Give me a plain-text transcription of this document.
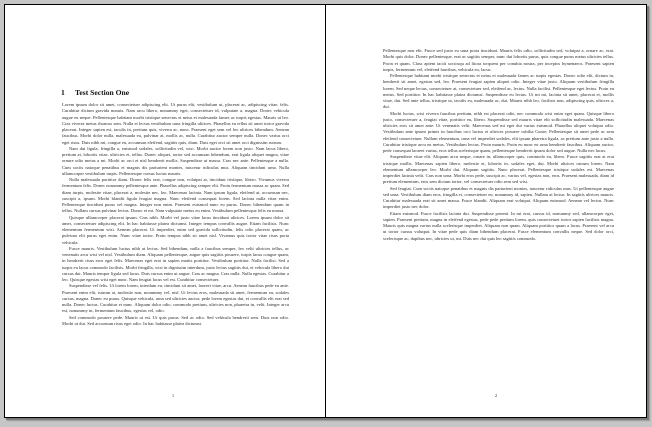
1 Test Section One

Lorem ipsum dolor sit amet, consectetuer adipiscing elit. Ut purus elit, vestibulum ut, placerat ac, adipiscing vitae, felis. Curabitur dictum gravida mauris. Nam arcu libero, nonummy eget, consectetuer id, vulputate a, magna. Donec vehicula augue eu neque. Pellentesque habitant morbi tristique senectus et netus et malesuada fames ac turpis egestas. Mauris ut leo. Cras viverra metus rhoncus sem. Nulla et lectus vestibulum urna fringilla ultrices. Phasellus eu tellus sit amet tortor gravida placerat. Integer sapien est, iaculis in, pretium quis, viverra ac, nunc. Praesent eget sem vel leo ultrices bibendum. Aenean faucibus. Morbi dolor nulla, malesuada eu, pulvinar at, mollis ac, nulla. Curabitur auctor semper nulla. Donec varius orci eget risus. Duis nibh mi, congue eu, accumsan eleifend, sagittis quis, diam. Duis eget orci sit amet orci dignissim rutrum.

Nam dui ligula, fringilla a, euismod sodales, sollicitudin vel, wisi. Morbi auctor lorem non justo. Nam lacus libero, pretium at, lobortis vitae, ultricies et, tellus. Donec aliquet, tortor sed accumsan bibendum, erat ligula aliquet magna, vitae ornare odio metus a mi. Morbi ac orci et nisl hendrerit mollis. Suspendisse ut massa. Cras nec ante. Pellentesque a nulla. Cum sociis natoque penatibus et magnis dis parturient montes, nascetur ridiculus mus. Aliquam tincidunt urna. Nulla ullamcorper vestibulum turpis. Pellentesque cursus luctus mauris.

Nulla malesuada porttitor diam. Donec felis erat, congue non, volutpat at, tincidunt tristique, libero. Vivamus viverra fermentum felis. Donec nonummy pellentesque ante. Phasellus adipiscing semper elit. Proin fermentum massa ac quam. Sed diam turpis, molestie vitae, placerat a, molestie nec, leo. Maecenas lacinia. Nam ipsum ligula, eleifend at, accumsan nec, suscipit a, ipsum. Morbi blandit ligula feugiat magna. Nunc eleifend consequat lorem. Sed lacinia nulla vitae enim. Pellentesque tincidunt purus vel magna. Integer non enim. Praesent euismod nunc eu purus. Donec bibendum quam in tellus. Nullam cursus pulvinar lectus. Donec et mi. Nam vulputate metus eu enim. Vestibulum pellentesque felis eu massa.

Quisque ullamcorper placerat ipsum. Cras nibh. Morbi vel justo vitae lacus tincidunt ultrices. Lorem ipsum dolor sit amet, consectetuer adipiscing elit. In hac habitasse platea dictumst. Integer tempus convallis augue. Etiam facilisis. Nunc elementum fermentum wisi. Aenean placerat. Ut imperdiet, enim sed gravida sollicitudin, felis odio placerat quam, ac pulvinar elit purus eget enim. Nunc vitae tortor. Proin tempus nibh sit amet nisl. Vivamus quis tortor vitae risus porta vehicula.

Fusce mauris. Vestibulum luctus nibh at lectus. Sed bibendum, nulla a faucibus semper, leo velit ultricies tellus, ac venenatis arcu wisi vel nisl. Vestibulum diam. Aliquam pellentesque, augue quis sagittis posuere, turpis lacus congue quam, in hendrerit risus eros eget felis. Maecenas eget erat in sapien mattis porttitor. Vestibulum porttitor. Nulla facilisi. Sed a turpis eu lacus commodo facilisis. Morbi fringilla, wisi in dignissim interdum, justo lectus sagittis dui, et vehicula libero dui cursus dui. Mauris tempor ligula sed lacus. Duis cursus enim ut augue. Cras ac magna. Cras nulla. Nulla egestas. Curabitur a leo. Quisque egestas wisi eget nunc. Nam feugiat lacus vel est. Curabitur consectetuer.

Suspendisse vel felis. Ut lorem lorem, interdum eu, tincidunt sit amet, laoreet vitae, arcu. Aenean faucibus pede eu ante. Praesent enim elit, rutrum at, molestie non, nonummy vel, nisl. Ut lectus eros, malesuada sit amet, fermentum eu, sodales cursus, magna. Donec eu purus. Quisque vehicula, urna sed ultricies auctor, pede lorem egestas dui, et convallis elit erat sed nulla. Donec luctus. Curabitur et nunc. Aliquam dolor odio, commodo pretium, ultricies non, pharetra in, velit. Integer arcu est, nonummy in, fermentum faucibus, egestas vel, odio.

Sed commodo posuere pede. Mauris ut est. Ut quis purus. Sed ac odio. Sed vehicula hendrerit sem. Duis non odio. Morbi ut dui. Sed accumsan risus eget odio. In hac habitasse platea dictumst.

1

Pellentesque non elit. Fusce sed justo eu urna porta tincidunt. Mauris felis odio, sollicitudin sed, volutpat a, ornare ac, erat. Morbi quis dolor. Donec pellentesque, erat ac sagittis semper, nunc dui lobortis purus, quis congue purus metus ultricies tellus. Proin et quam. Class aptent taciti sociosqu ad litora torquent per conubia nostra, per inceptos hymenaeos. Praesent sapien turpis, fermentum vel, eleifend faucibus, vehicula eu, lacus.

Pellentesque habitant morbi tristique senectus et netus et malesuada fames ac turpis egestas. Donec odio elit, dictum in, hendrerit sit amet, egestas sed, leo. Praesent feugiat sapien aliquet odio. Integer vitae justo. Aliquam vestibulum fringilla lorem. Sed neque lectus, consectetuer at, consectetuer sed, eleifend ac, lectus. Nulla facilisi. Pellentesque eget lectus. Proin eu metus. Sed porttitor. In hac habitasse platea dictumst. Suspendisse eu lectus. Ut mi mi, lacinia sit amet, placerat et, mollis vitae, dui. Sed ante tellus, tristique ut, iaculis eu, malesuada ac, dui. Mauris nibh leo, facilisis non, adipiscing quis, ultrices a, dui.

Morbi luctus, wisi viverra faucibus pretium, nibh est placerat odio, nec commodo wisi enim eget quam. Quisque libero justo, consectetuer a, feugiat vitae, porttitor eu, libero. Suspendisse sed mauris vitae elit sollicitudin malesuada. Maecenas ultricies eros sit amet ante. Ut venenatis velit. Maecenas sed mi eget dui varius euismod. Phasellus aliquet volutpat odio. Vestibulum ante ipsum primis in faucibus orci luctus et ultrices posuere cubilia Curae; Pellentesque sit amet pede ac sem eleifend consectetuer. Nullam elementum, urna vel imperdiet sodales, elit ipsum pharetra ligula, ac pretium ante justo a nulla. Curabitur tristique arcu eu metus. Vestibulum lectus. Proin mauris. Proin eu nunc eu urna hendrerit faucibus. Aliquam auctor, pede consequat laoreet varius, eros tellus scelerisque quam, pellentesque hendrerit ipsum dolor sed augue. Nulla nec lacus.

Suspendisse vitae elit. Aliquam arcu neque, ornare in, ullamcorper quis, commodo eu, libero. Fusce sagittis erat at erat tristique mollis. Maecenas sapien libero, molestie et, lobortis in, sodales eget, dui. Morbi ultrices rutrum lorem. Nam elementum ullamcorper leo. Morbi dui. Aliquam sagittis. Nunc placerat. Pellentesque tristique sodales est. Maecenas imperdiet lacinia velit. Cras non urna. Morbi eros pede, suscipit ac, varius vel, egestas non, eros. Praesent malesuada, diam id pretium elementum, eros sem dictum tortor, vel consectetuer odio sem sed wisi.

Sed feugiat. Cum sociis natoque penatibus et magnis dis parturient montes, nascetur ridiculus mus. Ut pellentesque augue sed urna. Vestibulum diam eros, fringilla et, consectetuer eu, nonummy id, sapien. Nullam at lectus. In sagittis ultrices mauris. Curabitur malesuada erat sit amet massa. Fusce blandit. Aliquam erat volutpat. Aliquam euismod. Aenean vel lectus. Nunc imperdiet justo nec dolor.

Etiam euismod. Fusce facilisis lacinia dui. Suspendisse potenti. In mi erat, cursus id, nonummy sed, ullamcorper eget, sapien. Praesent pretium, magna in eleifend egestas, pede pede pretium lorem, quis consectetuer tortor sapien facilisis magna. Mauris quis magna varius nulla scelerisque imperdiet. Aliquam non quam. Aliquam porttitor quam a lacus. Praesent vel arcu ut tortor cursus volutpat. In vitae pede quis diam bibendum placerat. Fusce elementum convallis neque. Sed dolor orci, scelerisque ac, dapibus nec, ultricies ut, mi. Duis nec dui quis leo sagittis commodo.

2
